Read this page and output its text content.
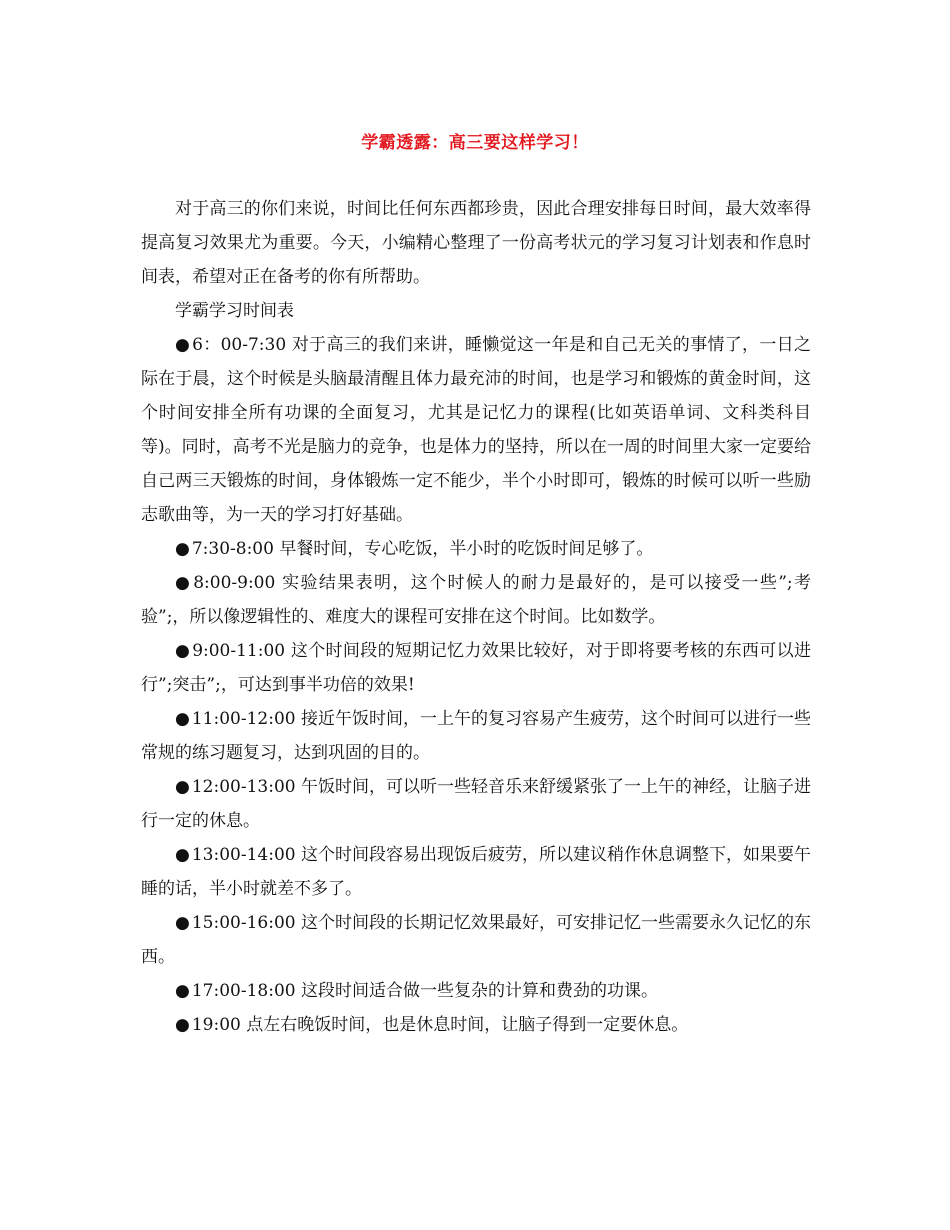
学霸透露：高三要这样学习！

对于高三的你们来说，时间比任何东西都珍贵，因此合理安排每日时间，最大效率得提高复习效果尤为重要。今天，小编精心整理了一份高考状元的学习复习计划表和作息时间表，希望对正在备考的你有所帮助。

学霸学习时间表

● 6：00-7:30 对于高三的我们来讲，睡懒觉这一年是和自己无关的事情了，一日之际在于晨，这个时候是头脑最清醒且体力最充沛的时间，也是学习和锻炼的黄金时间，这个时间安排全所有功课的全面复习，尤其是记忆力的课程(比如英语单词、文科类科目等)。同时，高考不光是脑力的竞争，也是体力的坚持，所以在一周的时间里大家一定要给自己两三天锻炼的时间，身体锻炼一定不能少，半个小时即可，锻炼的时候可以听一些励志歌曲等，为一天的学习打好基础。

● 7:30-8:00 早餐时间，专心吃饭，半小时的吃饭时间足够了。

● 8:00-9:00 实验结果表明，这个时候人的耐力是最好的，是可以接受一些”;考验”;，所以像逻辑性的、难度大的课程可安排在这个时间。比如数学。

● 9:00-11:00 这个时间段的短期记忆力效果比较好，对于即将要考核的东西可以进行”;突击”;，可达到事半功倍的效果!

● 11:00-12:00 接近午饭时间，一上午的复习容易产生疲劳，这个时间可以进行一些常规的练习题复习，达到巩固的目的。

● 12:00-13:00 午饭时间，可以听一些轻音乐来舒缓紧张了一上午的神经，让脑子进行一定的休息。

● 13:00-14:00 这个时间段容易出现饭后疲劳，所以建议稍作休息调整下，如果要午睡的话，半小时就差不多了。

● 15:00-16:00 这个时间段的长期记忆效果最好，可安排记忆一些需要永久记忆的东西。

● 17:00-18:00 这段时间适合做一些复杂的计算和费劲的功课。

● 19:00 点左右晚饭时间，也是休息时间，让脑子得到一定要休息。
